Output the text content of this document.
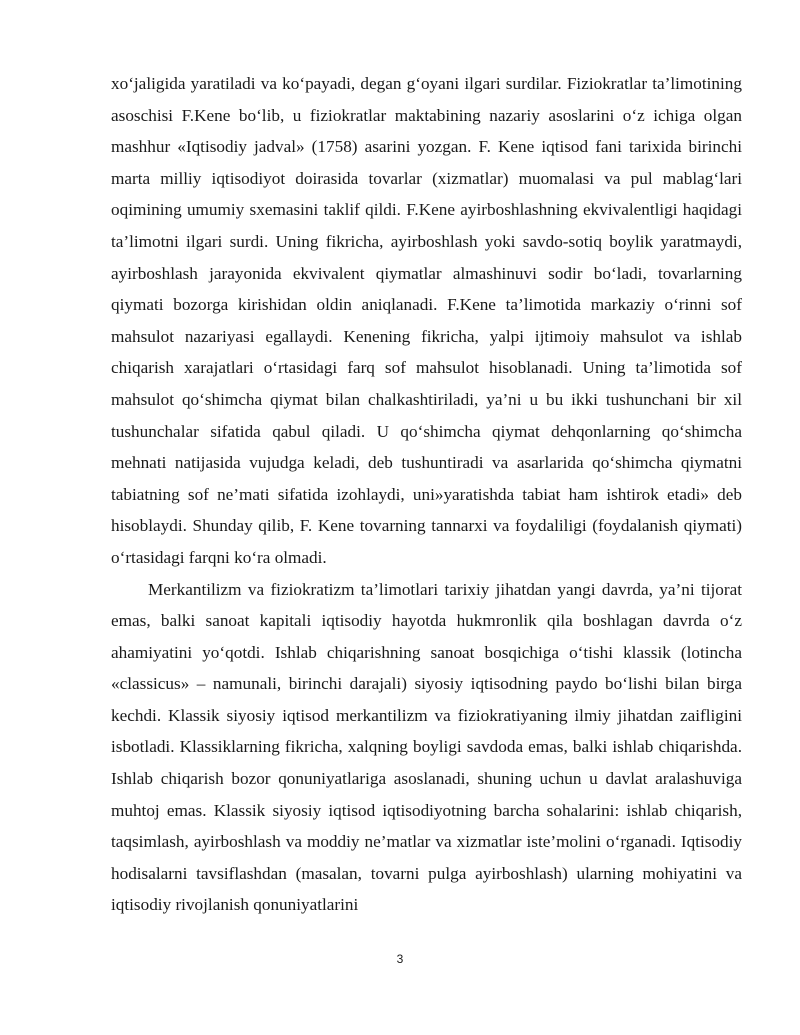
xo‘jaligida yaratiladi va ko‘payadi, degan g‘oyani ilgari surdilar. Fiziokratlar ta’limotining asoschisi F.Kene bo‘lib, u fiziokratlar maktabining nazariy asoslarini o‘z ichiga olgan mashhur «Iqtisodiy jadval» (1758) asarini yozgan. F. Kene iqtisod fani tarixida birinchi marta milliy iqtisodiyot doirasida tovarlar (xizmatlar) muomalasi va pul mablag‘lari oqimining umumiy sxemasini taklif qildi. F.Kene ayirboshlashning ekvivalentligi haqidagi ta’limotni ilgari surdi. Uning fikricha, ayirboshlash yoki savdo-sotiq boylik yaratmaydi, ayirboshlash jarayonida ekvivalent qiymatlar almashinuvi sodir bo‘ladi, tovarlarning qiymati bozorga kirishidan oldin aniqlanadi. F.Kene ta’limotida markaziy o‘rinni sof mahsulot nazariyasi egallaydi. Kenening fikricha, yalpi ijtimoiy mahsulot va ishlab chiqarish xarajatlari o‘rtasidagi farq sof mahsulot hisoblanadi. Uning ta’limotida sof mahsulot qo‘shimcha qiymat bilan chalkashtiriladi, ya’ni u bu ikki tushunchani bir xil tushunchalar sifatida qabul qiladi. U qo‘shimcha qiymat dehqonlarning qo‘shimcha mehnati natijasida vujudga keladi, deb tushuntiradi va asarlarida qo‘shimcha qiymatni tabiatning sof ne’mati sifatida izohlaydi, uni»yaratishda tabiat ham ishtirok etadi» deb hisoblaydi. Shunday qilib, F. Kene tovarning tannarxi va foydaliligi (foydalanish qiymati) o‘rtasidagi farqni ko‘ra olmadi.

Merkantilizm va fiziokratizm ta’limotlari tarixiy jihatdan yangi davrda, ya’ni tijorat emas, balki sanoat kapitali iqtisodiy hayotda hukmronlik qila boshlagan davrda o‘z ahamiyatini yo‘qotdi. Ishlab chiqarishning sanoat bosqichiga o‘tishi klassik (lotincha «classicus» – namunali, birinchi darajali) siyosiy iqtisodning paydo bo‘lishi bilan birga kechdi. Klassik siyosiy iqtisod merkantilizm va fiziokratiyaning ilmiy jihatdan zaifligini isbotladi. Klassiklarning fikricha, xalqning boyligi savdoda emas, balki ishlab chiqarishda. Ishlab chiqarish bozor qonuniyatlariga asoslanadi, shuning uchun u davlat aralashuviga muhtoj emas. Klassik siyosiy iqtisod iqtisodiyotning barcha sohalarini: ishlab chiqarish, taqsimlash, ayirboshlash va moddiy ne’matlar va xizmatlar iste’molini o‘rganadi. Iqtisodiy hodisalarni tavsiflashdan (masalan, tovarni pulga ayirboshlash) ularning mohiyatini va iqtisodiy rivojlanish qonuniyatlarini

3
